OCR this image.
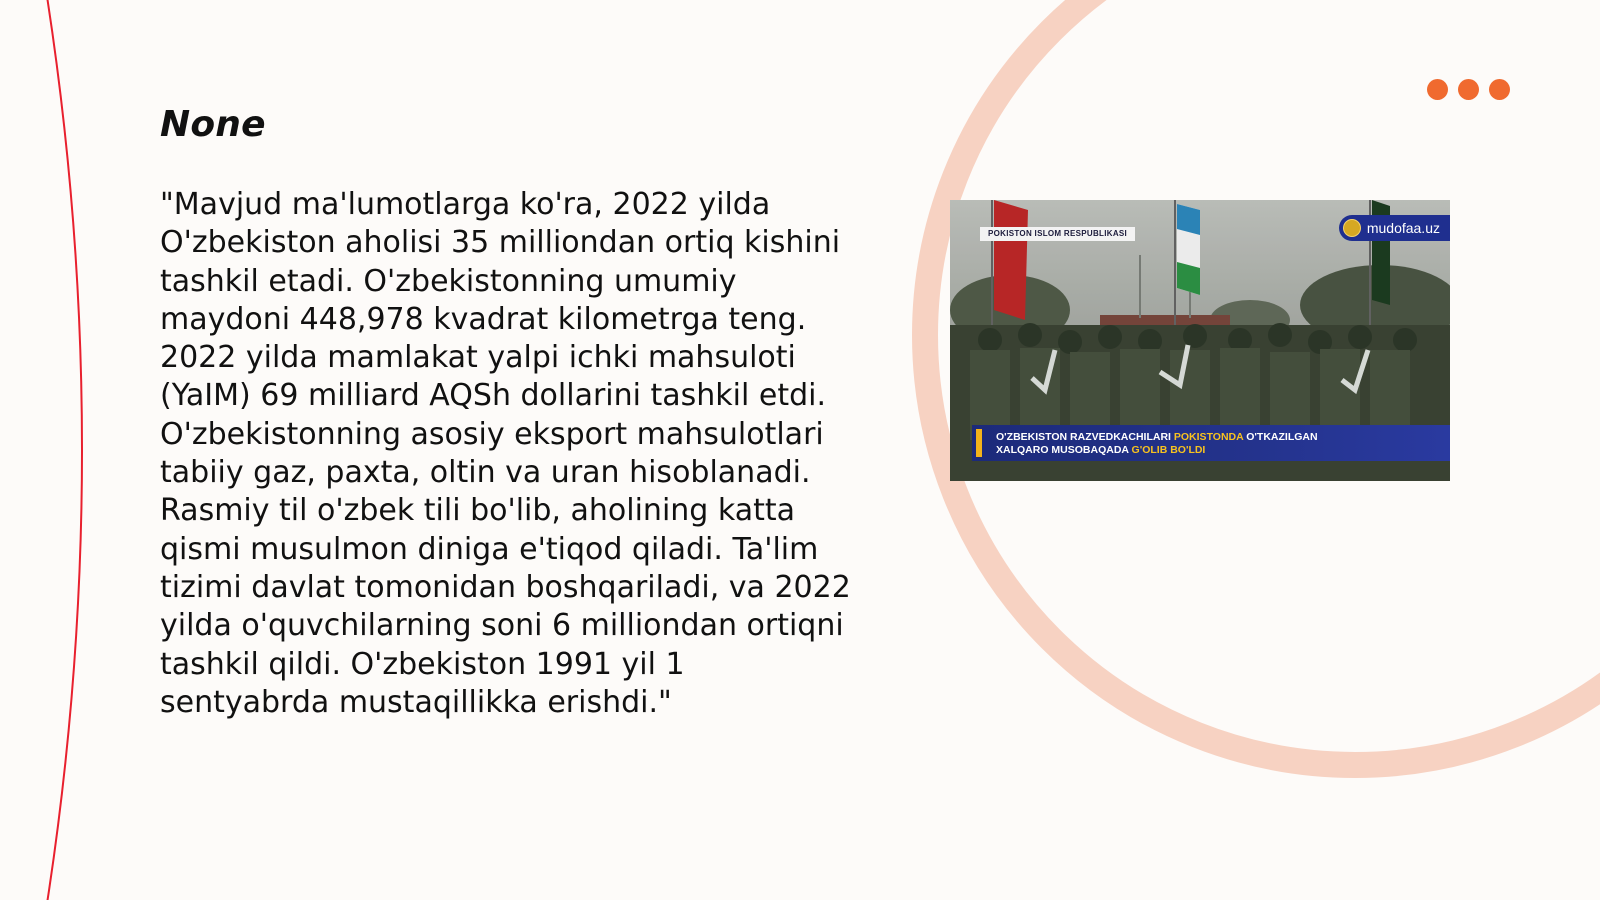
None

"Mavjud ma'lumotlarga ko'ra, 2022 yilda O'zbekiston aholisi 35 milliondan ortiq kishini tashkil etadi. O'zbekistonning umumiy maydoni 448,978 kvadrat kilometrga teng. 2022 yilda mamlakat yalpi ichki mahsuloti (YaIM) 69 milliard AQSh dollarini tashkil etdi. O'zbekistonning asosiy eksport mahsulotlari tabiiy gaz, paxta, oltin va uran hisoblanadi. Rasmiy til o'zbek tili bo'lib, aholining katta qismi musulmon diniga e'tiqod qiladi. Ta'lim tizimi davlat tomonidan boshqariladi, va 2022 yilda o'quvchilarning soni 6 milliondan ortiqni tashkil qildi. O'zbekiston 1991 yil 1 sentyabrda mustaqillikka erishdi."

POKISTON ISLOM RESPUBLIKASI	mudofaa.uz
O'ZBEKISTON RAZVEDKACHILARI POKISTONDA O'TKAZILGAN
XALQARO MUSOBAQADA G'OLIB BO'LDI
